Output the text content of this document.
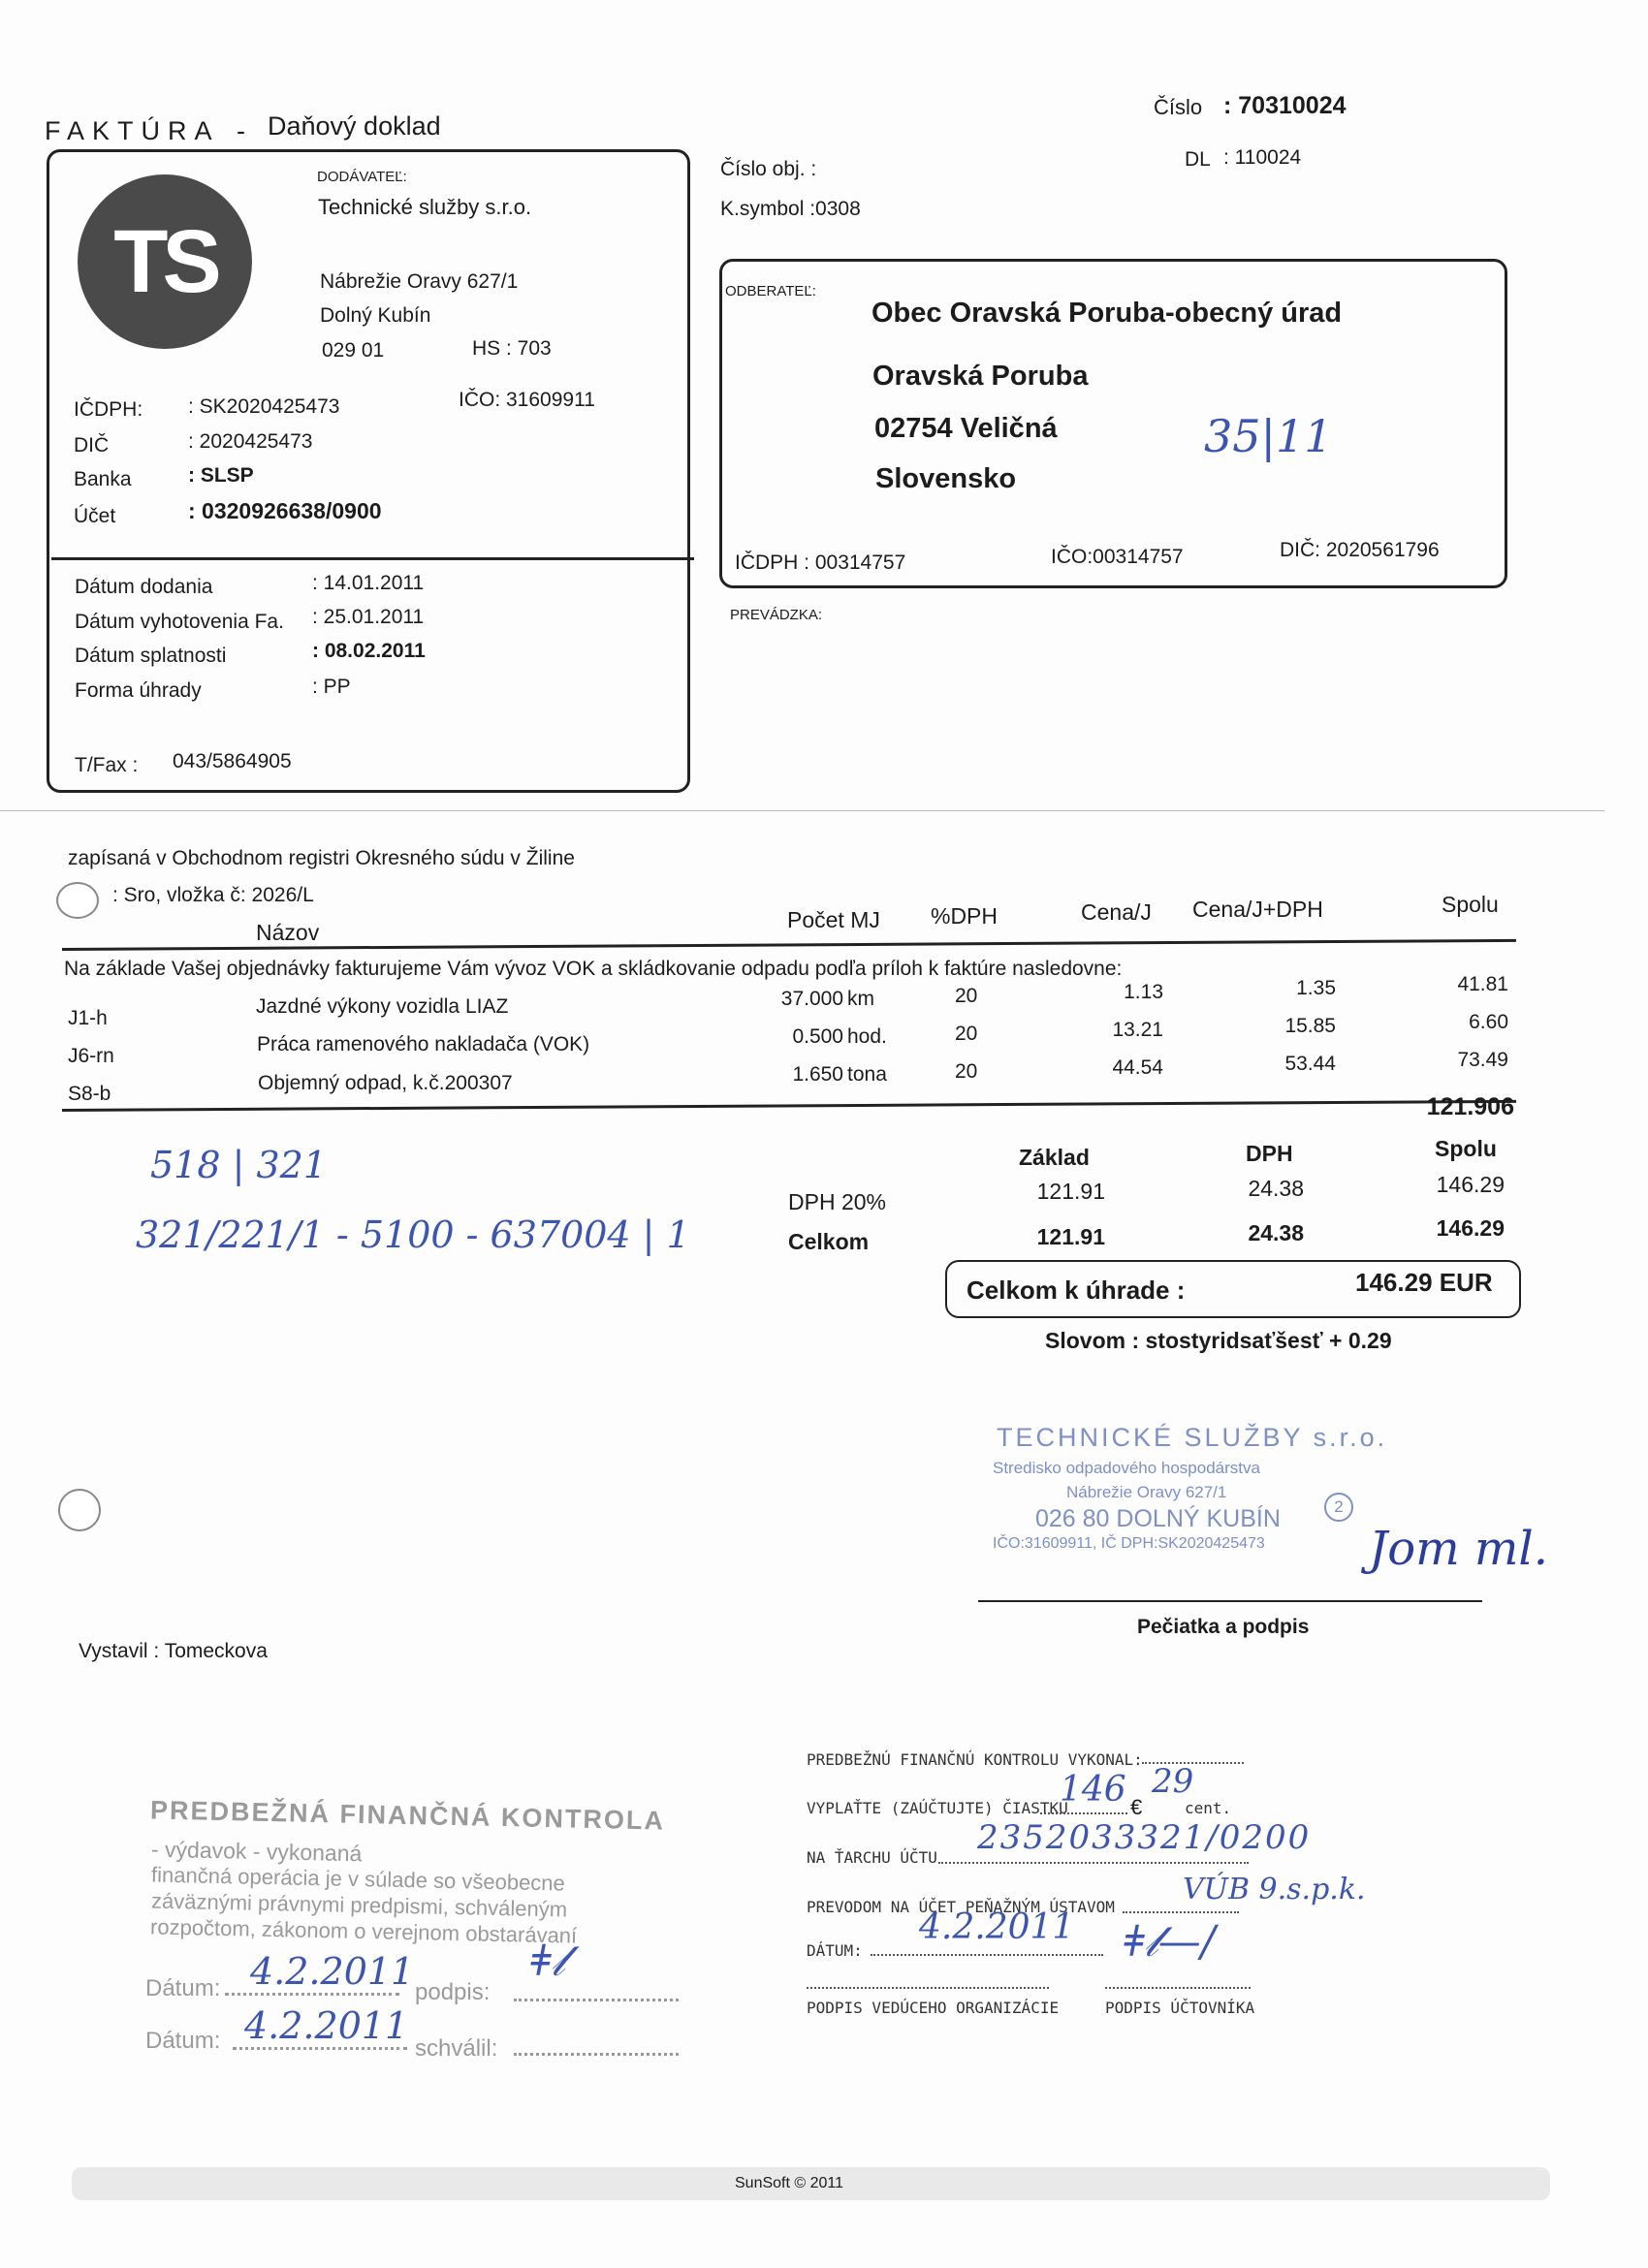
FAKTÚRA - Daňový doklad
Číslo : 70310024
DL : 110024
Číslo obj. :
K.symbol :0308
TS
DODÁVATEĽ:
Technické služby s.r.o.
Nábrežie Oravy 627/1
Dolný Kubín
029 01	HS : 703
IČDPH: : SK2020425473	IČO: 31609911
DIČ	: 2020425473
Banka	: SLSP
Účet	: 0320926638/0900
Dátum dodania	: 14.01.2011
Dátum vyhotovenia Fa. : 25.01.2011
Dátum splatnosti	: 08.02.2011
Forma úhrady	: PP
T/Fax : 043/5864905
ODBERATEĽ:
Obec Oravská Poruba-obecný úrad
Oravská Poruba
02754 Veličná
Slovensko
35|11
IČDPH : 00314757	IČO:00314757	DIČ: 2020561796
PREVÁDZKA:
zapísaná v Obchodnom registri Okresného súdu v Žiline
: Sro, vložka č: 2026/L
Názov	Počet MJ %DPH	Cena/J Cena/J+DPH	Spolu
Na základe Vašej objednávky fakturujeme Vám vývoz VOK a skládkovanie odpadu podľa príloh k faktúre nasledovne:
J1-h
Jazdné výkony vozidla LIAZ	37.000 km	20	1.13	1.35	41.81
J6-rn
Práca ramenového nakladača (VOK)	0.500 hod.	20	13.21	15.85	6.60
S8-b	Objemný odpad, k.č.200307	1.650 tona	20	44.54	53.44	73.49
121.906
518 | 321
321/221/1 - 5100 - 637004 | 1
Základ	DPH	Spolu
DPH 20%	121.91	24.38	146.29
Celkom	121.91	24.38	146.29
Celkom k úhrade :	146.29 EUR
Slovom : stostyridsaťšesť + 0.29
TECHNICKÉ SLUŽBY s.r.o.
Stredisko odpadového hospodárstva
Nábrežie Oravy 627/1
026 80 DOLNÝ KUBÍN	2
IČO:31609911, IČ DPH:SK2020425473 Jom ml.
Pečiatka a podpis
Vystavil : Tomeckova
PREDBEŽNÁ FINANČNÁ KONTROLA
- výdavok - vykonaná
finančná operácia je v súlade so všeobecne
záväznými právnymi predpismi, schváleným
rozpočtom, zákonom o verejnom obstarávaní
Dátum: 4.2.2011 podpis:
ǂ𝓁
Dátum: 4.2.2011
schválil:
PREDBEŽNÚ FINANČNÚ KONTROLU VYKONAL:
VYPLAŤTE (ZAÚČTUJTE) ČIASTKU
146 €
29
cent.
NA ŤARCHU ÚČTU
2352033321/0200
PREVODOM NA ÚČET PEŇAŽNÝM ÚSTAVOM
VÚB 9.s.p.k.
DÁTUM:
4.2.2011 ǂ𝓁—/
PODPIS VEDÚCEHO ORGANIZÁCIE	PODPIS ÚČTOVNÍKA
SunSoft © 2011
